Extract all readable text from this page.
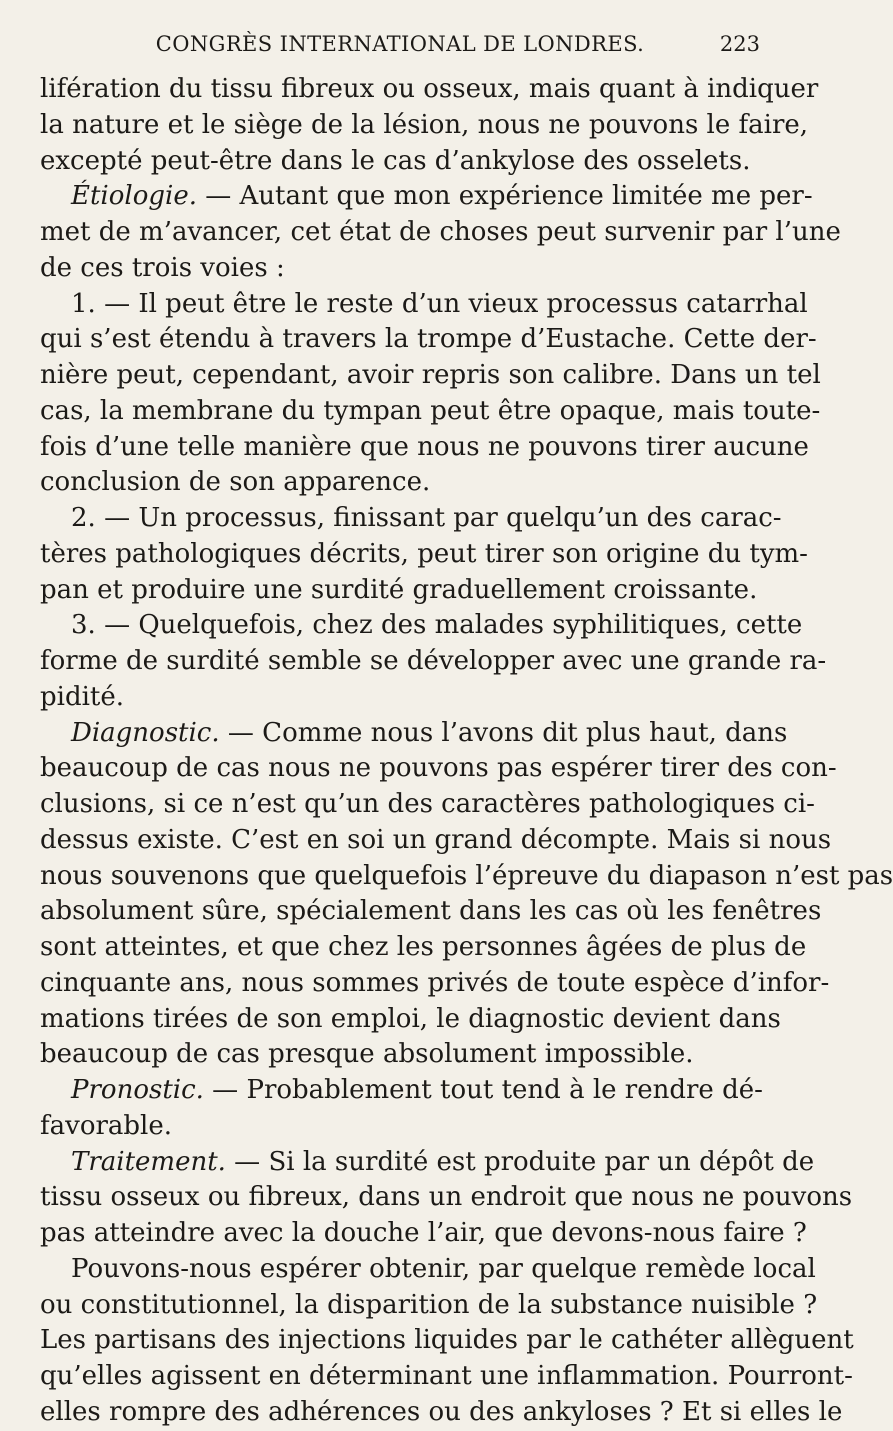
CONGRÈS INTERNATIONAL DE LONDRES.	223
lifération du tissu fibreux ou osseux, mais quant à indiquer
la nature et le siège de la lésion, nous ne pouvons le faire,
excepté peut-être dans le cas d’ankylose des osselets.
Étiologie. — Autant que mon expérience limitée me per-
met de m’avancer, cet état de choses peut survenir par l’une
de ces trois voies :
1. — Il peut être le reste d’un vieux processus catarrhal
qui s’est étendu à travers la trompe d’Eustache. Cette der-
nière peut, cependant, avoir repris son calibre. Dans un tel
cas, la membrane du tympan peut être opaque, mais toute-
fois d’une telle manière que nous ne pouvons tirer aucune
conclusion de son apparence.
2. — Un processus, finissant par quelqu’un des carac-
tères pathologiques décrits, peut tirer son origine du tym-
pan et produire une surdité graduellement croissante.
3. — Quelquefois, chez des malades syphilitiques, cette
forme de surdité semble se développer avec une grande ra-
pidité.
Diagnostic. — Comme nous l’avons dit plus haut, dans
beaucoup de cas nous ne pouvons pas espérer tirer des con-
clusions, si ce n’est qu’un des caractères pathologiques ci-
dessus existe. C’est en soi un grand décompte. Mais si nous
nous souvenons que quelquefois l’épreuve du diapason n’est pas
absolument sûre, spécialement dans les cas où les fenêtres
sont atteintes, et que chez les personnes âgées de plus de
cinquante ans, nous sommes privés de toute espèce d’infor-
mations tirées de son emploi, le diagnostic devient dans
beaucoup de cas presque absolument impossible.
Pronostic. — Probablement tout tend à le rendre dé-
favorable.
Traitement. — Si la surdité est produite par un dépôt de
tissu osseux ou fibreux, dans un endroit que nous ne pouvons
pas atteindre avec la douche l’air, que devons-nous faire ?
Pouvons-nous espérer obtenir, par quelque remède local
ou constitutionnel, la disparition de la substance nuisible ?
Les partisans des injections liquides par le cathéter allèguent
qu’elles agissent en déterminant une inflammation. Pourront-
elles rompre des adhérences ou des ankyloses ? Et si elles le
